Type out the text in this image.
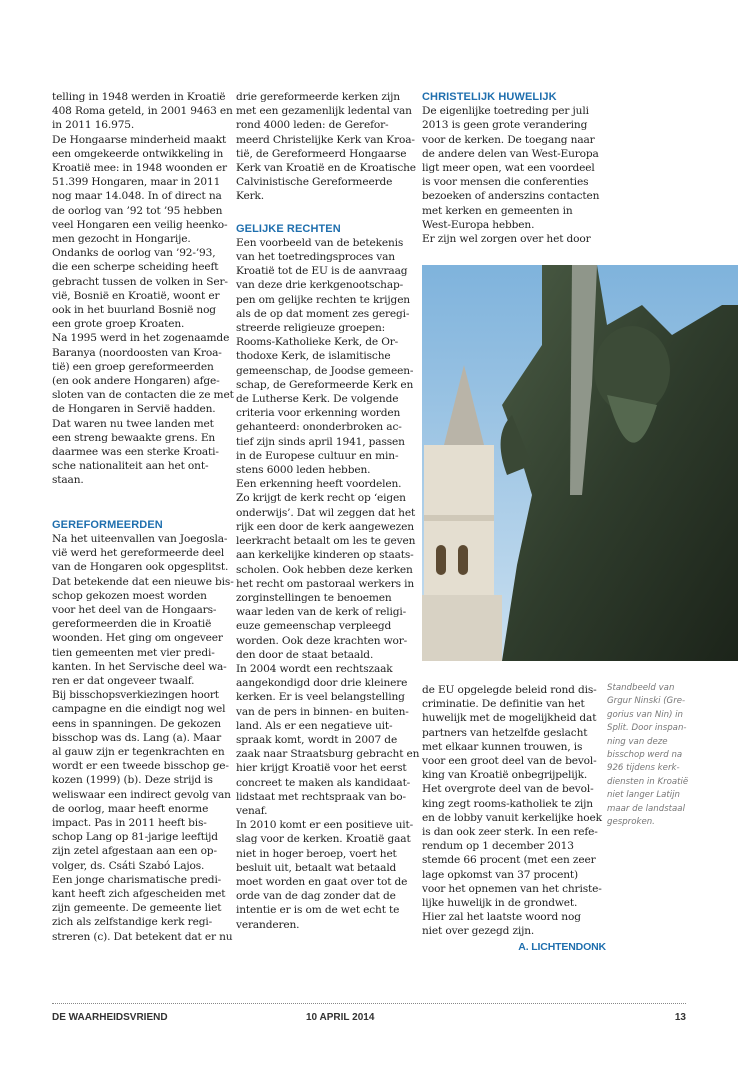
telling in 1948 werden in Kroatië
408 Roma geteld, in 2001 9463 en
in 2011 16.975.

De Hongaarse minderheid maakt
een omgekeerde ontwikkeling in
Kroatië mee: in 1948 woonden er
51.399 Hongaren, maar in 2011
nog maar 14.048. In of direct na
de oorlog van ’92 tot ’95 hebben
veel Hongaren een veilig heenko-
men gezocht in Hongarije.

Ondanks de oorlog van ’92-’93,
die een scherpe scheiding heeft
gebracht tussen de volken in Ser-
vië, Bosnië en Kroatië, woont er
ook in het buurland Bosnië nog
een grote groep Kroaten.

Na 1995 werd in het zogenaamde
Baranya (noordoosten van Kroa-
tië) een groep gereformeerden
(en ook andere Hongaren) afge-
sloten van de contacten die ze met
de Hongaren in Servië hadden.
Dat waren nu twee landen met
een streng bewaakte grens. En
daarmee was een sterke Kroati-
sche nationaliteit aan het ont-
staan.

GEREFORMEERDEN

Na het uiteenvallen van Joegosla-
vië werd het gereformeerde deel
van de Hongaren ook opgesplitst.
Dat betekende dat een nieuwe bis-
schop gekozen moest worden
voor het deel van de Hongaars-
gereformeerden die in Kroatië
woonden. Het ging om ongeveer
tien gemeenten met vier predi-
kanten. In het Servische deel wa-
ren er dat ongeveer twaalf.

Bij bisschopsverkiezingen hoort
campagne en die eindigt nog wel
eens in spanningen. De gekozen
bisschop was ds. Lang (a). Maar
al gauw zijn er tegenkrachten en
wordt er een tweede bisschop ge-
kozen (1999) (b). Deze strijd is
weliswaar een indirect gevolg van
de oorlog, maar heeft enorme
impact. Pas in 2011 heeft bis-
schop Lang op 81-jarige leeftijd
zijn zetel afgestaan aan een op-
volger, ds. Csáti Szabó Lajos.

Een jonge charismatische predi-
kant heeft zich afgescheiden met
zijn gemeente. De gemeente liet
zich als zelfstandige kerk regi-
streren (c). Dat betekent dat er nu

drie gereformeerde kerken zijn
met een gezamenlijk ledental van
rond 4000 leden: de Gerefor-
meerd Christelijke Kerk van Kroa-
tië, de Gereformeerd Hongaarse
Kerk van Kroatië en de Kroatische
Calvinistische Gereformeerde
Kerk.

GELIJKE RECHTEN

Een voorbeeld van de betekenis
van het toetredingsproces van
Kroatië tot de EU is de aanvraag
van deze drie kerkgenootschap-
pen om gelijke rechten te krijgen
als de op dat moment zes geregi-
streerde religieuze groepen:
Rooms-Katholieke Kerk, de Or-
thodoxe Kerk, de islamitische
gemeenschap, de Joodse gemeen-
schap, de Gereformeerde Kerk en
de Lutherse Kerk. De volgende
criteria voor erkenning worden
gehanteerd: ononderbroken ac-
tief zijn sinds april 1941, passen
in de Europese cultuur en min-
stens 6000 leden hebben.

Een erkenning heeft voordelen.
Zo krijgt de kerk recht op ‘eigen
onderwijs’. Dat wil zeggen dat het
rijk een door de kerk aangewezen
leerkracht betaalt om les te geven
aan kerkelijke kinderen op staats-
scholen. Ook hebben deze kerken
het recht om pastoraal werkers in
zorginstellingen te benoemen
waar leden van de kerk of religi-
euze gemeenschap verpleegd
worden. Ook deze krachten wor-
den door de staat betaald.

In 2004 wordt een rechtszaak
aangekondigd door drie kleinere
kerken. Er is veel belangstelling
van de pers in binnen- en buiten-
land. Als er een negatieve uit-
spraak komt, wordt in 2007 de
zaak naar Straatsburg gebracht en
hier krijgt Kroatië voor het eerst
concreet te maken als kandidaat-
lidstaat met rechtspraak van bo-
venaf.

In 2010 komt er een positieve uit-
slag voor de kerken. Kroatië gaat
niet in hoger beroep, voert het
besluit uit, betaalt wat betaald
moet worden en gaat over tot de
orde van de dag zonder dat de
intentie er is om de wet echt te
veranderen.

CHRISTELIJK HUWELIJK

De eigenlijke toetreding per juli
2013 is geen grote verandering
voor de kerken. De toegang naar
de andere delen van West-Europa
ligt meer open, wat een voordeel
is voor mensen die conferenties
bezoeken of anderszins contacten
met kerken en gemeenten in
West-Europa hebben.

Er zijn wel zorgen over het door

de EU opgelegde beleid rond dis-
criminatie. De definitie van het
huwelijk met de mogelijkheid dat
partners van hetzelfde geslacht
met elkaar kunnen trouwen, is
voor een groot deel van de bevol-
king van Kroatië onbegrijpelijk.

Het overgrote deel van de bevol-
king zegt rooms-katholiek te zijn
en de lobby vanuit kerkelijke hoek
is dan ook zeer sterk. In een refe-
rendum op 1 december 2013
stemde 66 procent (met een zeer
lage opkomst van 37 procent)
voor het opnemen van het christe-
lijke huwelijk in de grondwet.
Hier zal het laatste woord nog
niet over gezegd zijn.

A. LICHTENDONK
Standbeeld van
Grgur Ninski (Gre-
gorius van Nin) in
Split. Door inspan-
ning van deze
bisschop werd na
926 tijdens kerk-
diensten in Kroatië
niet langer Latijn
maar de landstaal
gesproken.
DE WAARHEIDSVRIEND	10 APRIL 2014	13
